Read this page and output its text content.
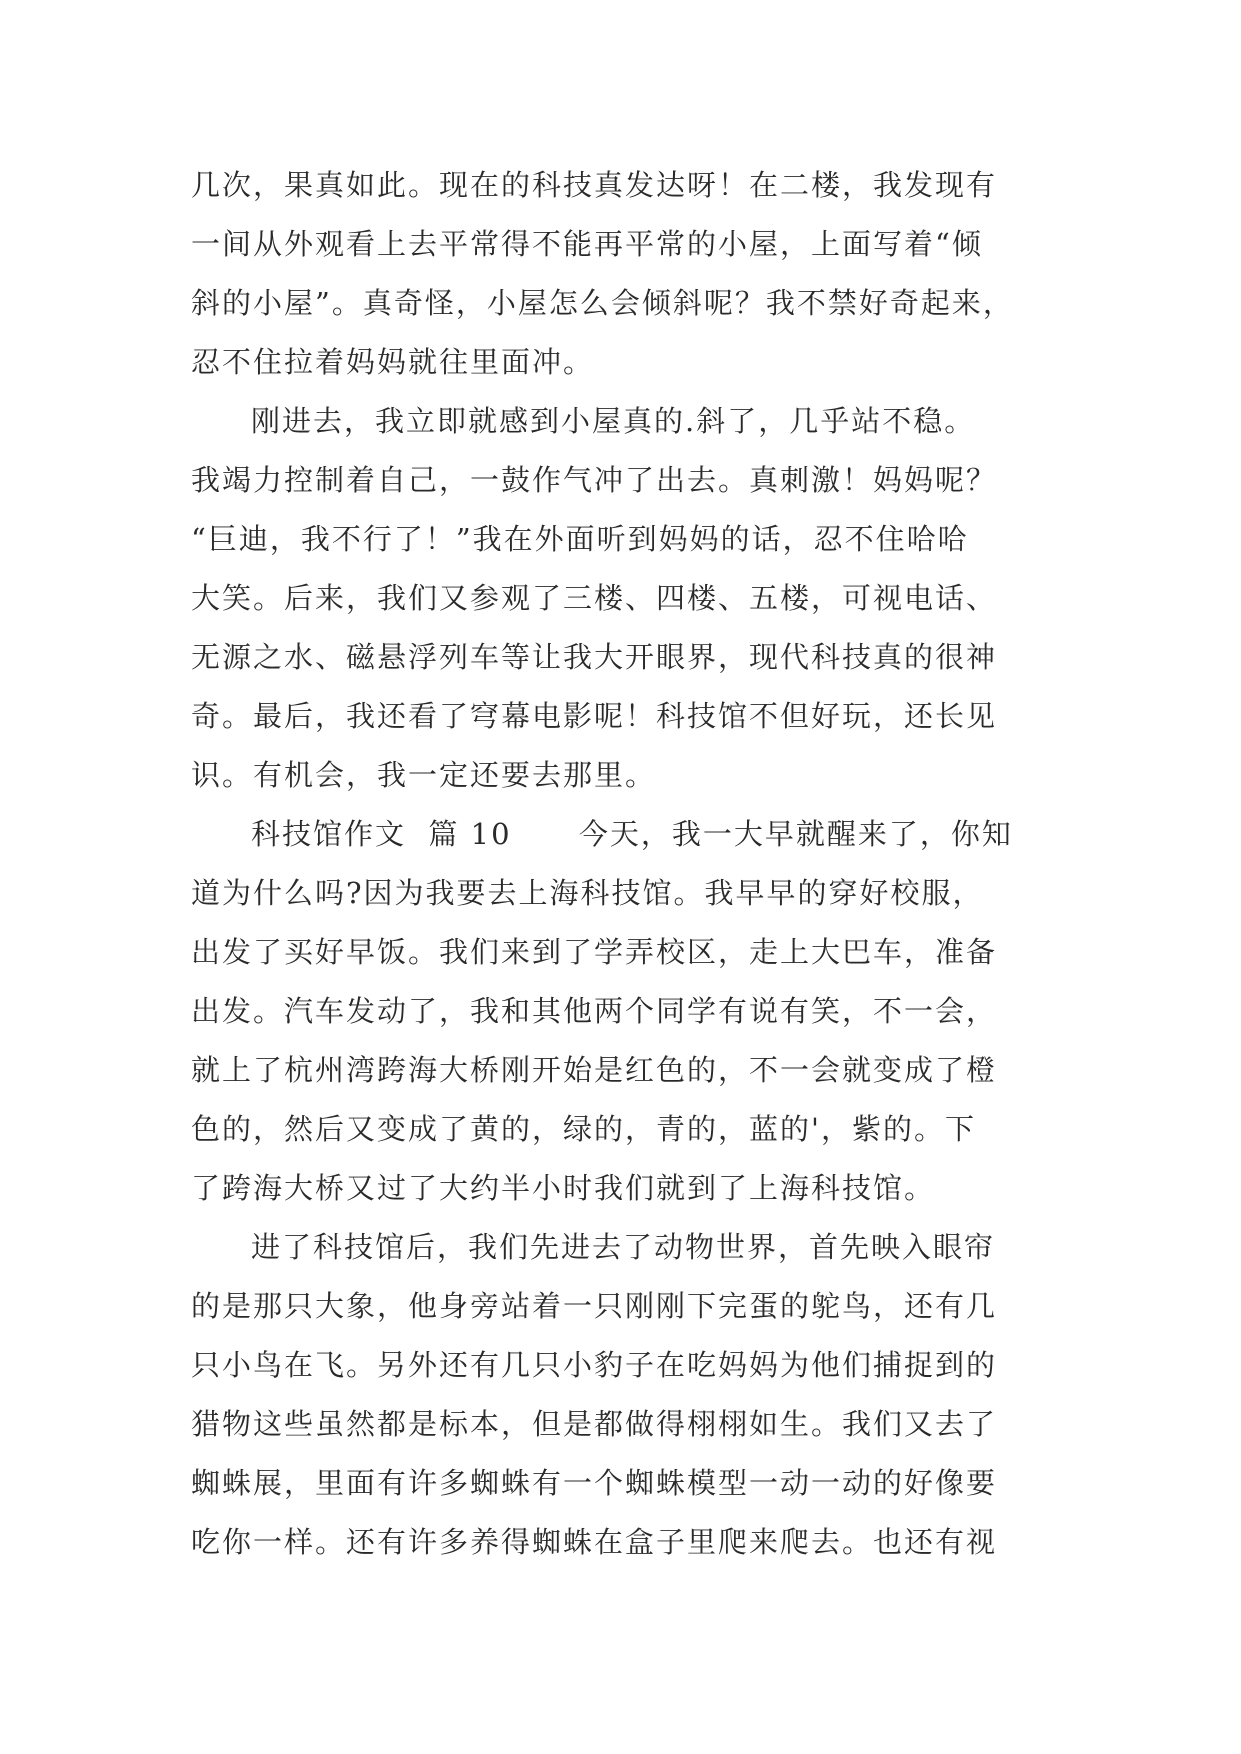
几次，果真如此。现在的科技真发达呀！在二楼，我发现有
一间从外观看上去平常得不能再平常的小屋，上面写着“倾
斜的小屋”。真奇怪，小屋怎么会倾斜呢？我不禁好奇起来，
忍不住拉着妈妈就往里面冲。
刚进去，我立即就感到小屋真的.斜了，几乎站不稳。
我竭力控制着自己，一鼓作气冲了出去。真刺激！妈妈呢？
“巨迪，我不行了！”我在外面听到妈妈的话，忍不住哈哈
大笑。后来，我们又参观了三楼、四楼、五楼，可视电话、
无源之水、磁悬浮列车等让我大开眼界，现代科技真的很神
奇。最后，我还看了穹幕电影呢！科技馆不但好玩，还长见
识。有机会，我一定还要去那里。
科技馆作文  篇 10      今天，我一大早就醒来了，你知
道为什么吗?因为我要去上海科技馆。我早早的穿好校服，
出发了买好早饭。我们来到了学弄校区，走上大巴车，准备
出发。汽车发动了，我和其他两个同学有说有笑，不一会，
就上了杭州湾跨海大桥刚开始是红色的，不一会就变成了橙
色的，然后又变成了黄的，绿的，青的，蓝的'，紫的。下
了跨海大桥又过了大约半小时我们就到了上海科技馆。
进了科技馆后，我们先进去了动物世界，首先映入眼帘
的是那只大象，他身旁站着一只刚刚下完蛋的鸵鸟，还有几
只小鸟在飞。另外还有几只小豹子在吃妈妈为他们捕捉到的
猎物这些虽然都是标本，但是都做得栩栩如生。我们又去了
蜘蛛展，里面有许多蜘蛛有一个蜘蛛模型一动一动的好像要
吃你一样。还有许多养得蜘蛛在盒子里爬来爬去。也还有视
